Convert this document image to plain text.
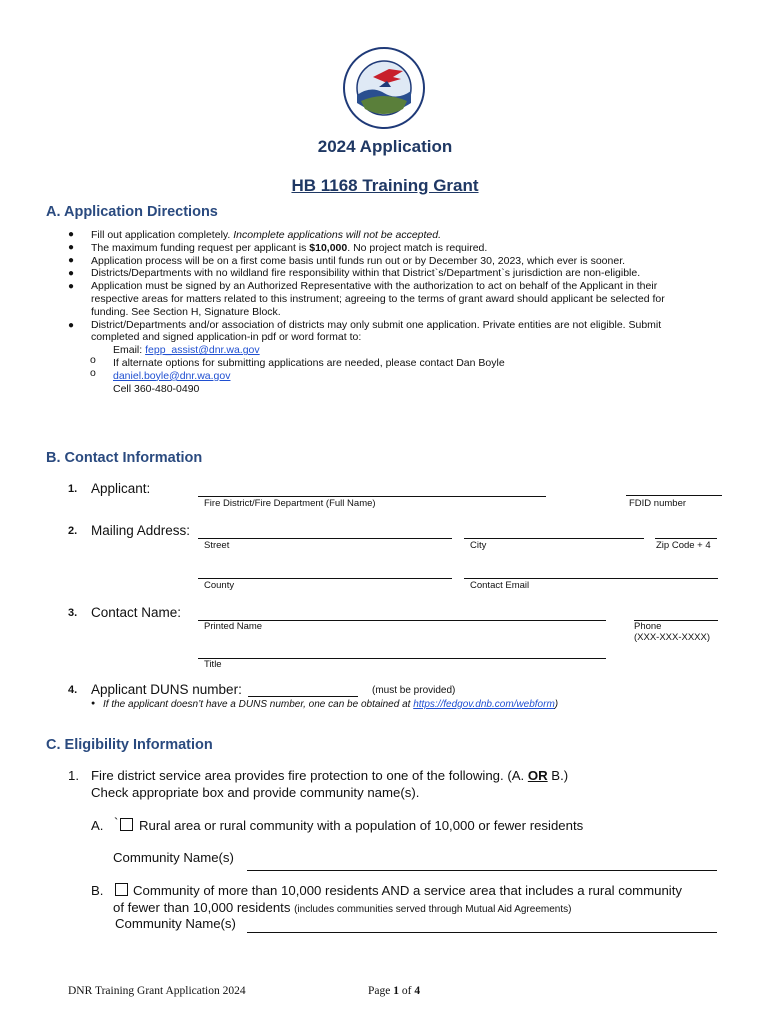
2024 Application
HB 1168 Training Grant
A. Application Directions
Fill out application completely. Incomplete applications will not be accepted.
The maximum funding request per applicant is $10,000. No project match is required.
Application process will be on a first come basis until funds run out or by December 30, 2023, which ever is sooner.
Districts/Departments with no wildland fire responsibility within that District`s/Department`s jurisdiction are non-eligible.
Application must be signed by an Authorized Representative with the authorization to act on behalf of the Applicant in their
respective areas for matters related to this instrument; agreeing to the terms of grant award should applicant be selected for
funding. See Section H, Signature Block.
District/Departments and/or association of districts may only submit one application. Private entities are not eligible. Submit
completed and signed application-in pdf or word format to:
Email: fepp_assist@dnr.wa.gov
If alternate options for submitting applications are needed, please contact Dan Boyle
daniel.boyle@dnr.wa.gov
Cell 360-480-0490
●
●
●
●
●
●
o
o
B. Contact Information
1. Applicant:
Fire District/Fire Department (Full Name)	FDID number
2. Mailing Address:
Street	City	Zip Code + 4
County	Contact Email
3. Contact Name:
Printed Name	Phone
(XXX-XXX-XXXX)
Title
4. Applicant DUNS number:	(must be provided)
● If the applicant doesn’t have a DUNS number, one can be obtained at https://fedgov.dnb.com/webform)
C. Eligibility Information
1. Fire district service area provides fire protection to one of the following. (A. OR B.)
Check appropriate box and provide community name(s).
A. ` Rural area or rural community with a population of 10,000 or fewer residents
Community Name(s)
B. Community of more than 10,000 residents AND a service area that includes a rural community
of fewer than 10,000 residents (includes communities served through Mutual Aid Agreements)
Community Name(s)
DNR Training Grant Application 2024	Page 1 of 4
